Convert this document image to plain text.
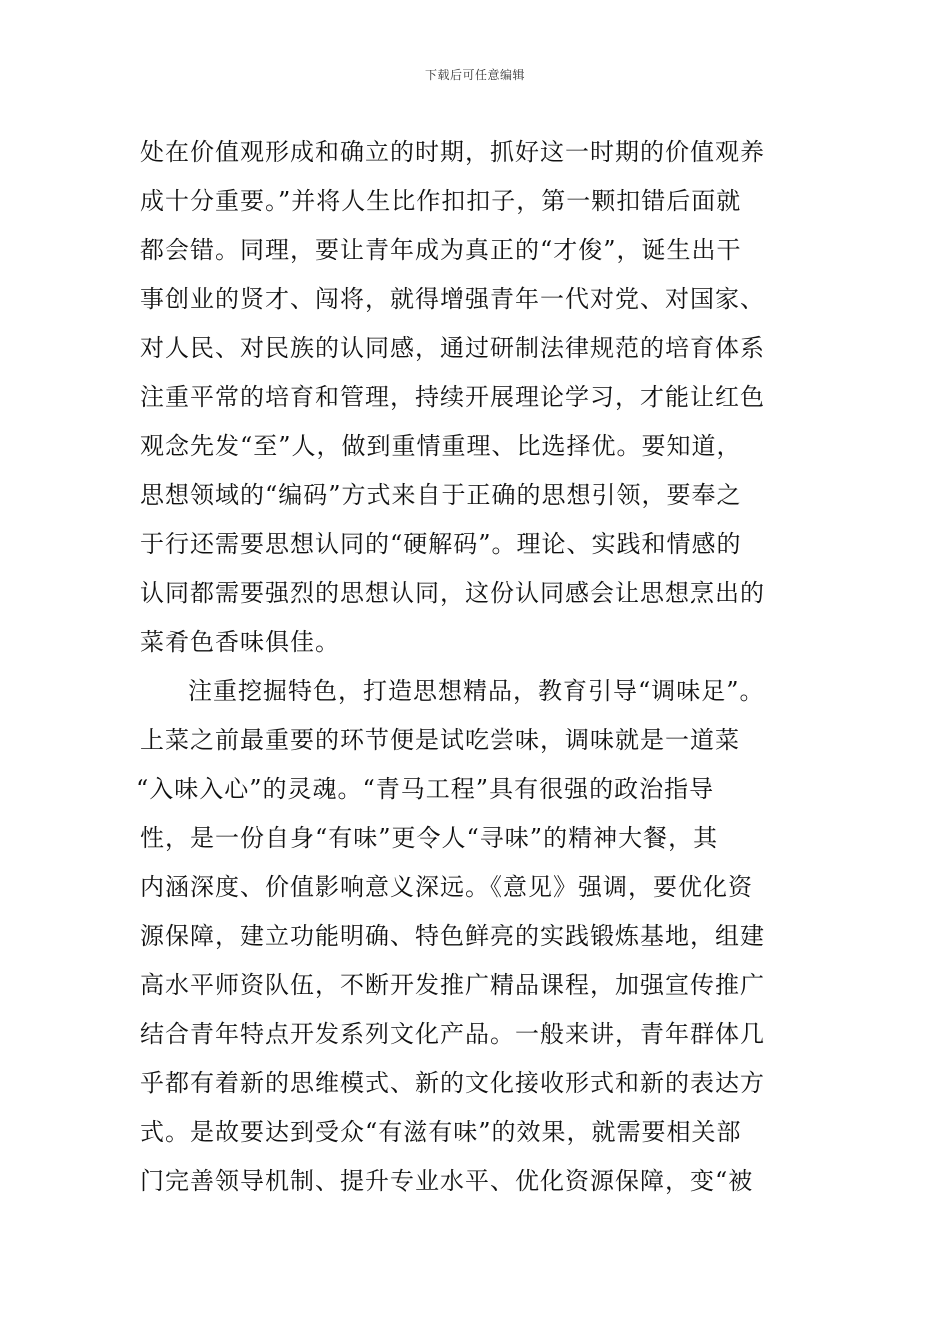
下载后可任意编辑
处在价值观形成和确立的时期，抓好这一时期的价值观养
成十分重要。”并将人生比作扣扣子，第一颗扣错后面就
都会错。同理，要让青年成为真正的“才俊”，诞生出干
事创业的贤才、闯将，就得增强青年一代对党、对国家、
对人民、对民族的认同感，通过研制法律规范的培育体系
注重平常的培育和管理，持续开展理论学习，才能让红色
观念先发“至”人，做到重情重理、比选择优。要知道，
思想领域的“编码”方式来自于正确的思想引领，要奉之
于行还需要思想认同的“硬解码”。理论、实践和情感的
认同都需要强烈的思想认同，这份认同感会让思想烹出的
菜肴色香味俱佳。
注重挖掘特色，打造思想精品，教育引导“调味足”。
上菜之前最重要的环节便是试吃尝味，调味就是一道菜
“入味入心”的灵魂。“青马工程”具有很强的政治指导
性，是一份自身“有味”更令人“寻味”的精神大餐，其
内涵深度、价值影响意义深远。《意见》强调，要优化资
源保障，建立功能明确、特色鲜亮的实践锻炼基地，组建
高水平师资队伍，不断开发推广精品课程，加强宣传推广
结合青年特点开发系列文化产品。一般来讲，青年群体几
乎都有着新的思维模式、新的文化接收形式和新的表达方
式。是故要达到受众“有滋有味”的效果，就需要相关部
门完善领导机制、提升专业水平、优化资源保障，变“被
